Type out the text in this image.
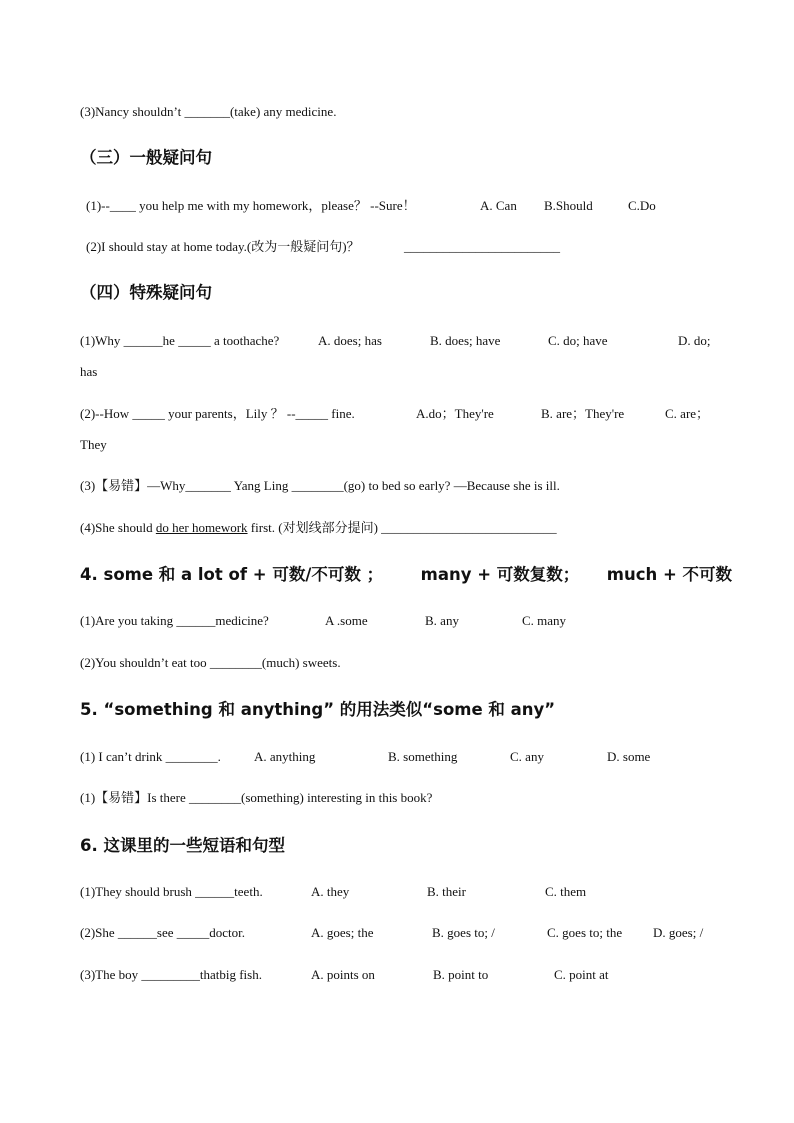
(3)Nancy shouldn’t _______(take) any medicine.
（三）一般疑问句
(1)--____ you help me with my homework，please？ --Sure！	A. Can B.Should	C.Do
(2)I should stay at home today.(改为一般疑问句)？	________________________
（四）特殊疑问句
(1)Why ______he _____ a toothache?	A. does; has	B. does; have	C. do; have	D. do;
has
(2)--How _____ your parents，Lily ？ --_____ fine.	A.do；They're	B. are；They're	C. are；
They
(3)【易错】—Why_______ Yang Ling ________(go) to bed so early? —Because she is ill.
(4)She should do her homework first. (对划线部分提问) ___________________________
4. some 和 a lot of + 可数/不可数 ； many + 可数复数； much + 不可数
(1)Are you taking ______medicine?	A .some	B. any	C. many
(2)You shouldn’t eat too ________(much) sweets.
5. “something 和 anything” 的用法类似“some 和 any”
(1) I can’t drink ________.	A. anything	B. something	C. any	D. some
(1)【易错】Is there ________(something) interesting in this book?
6. 这课里的一些短语和句型
(1)They should brush ______teeth.	A. they	B. their	C. them
(2)She ______see _____doctor.	A. goes; the	B. goes to; /	C. goes to; the D. goes; /
(3)The boy _________thatbig fish.	A. points on	B. point to	C. point at
